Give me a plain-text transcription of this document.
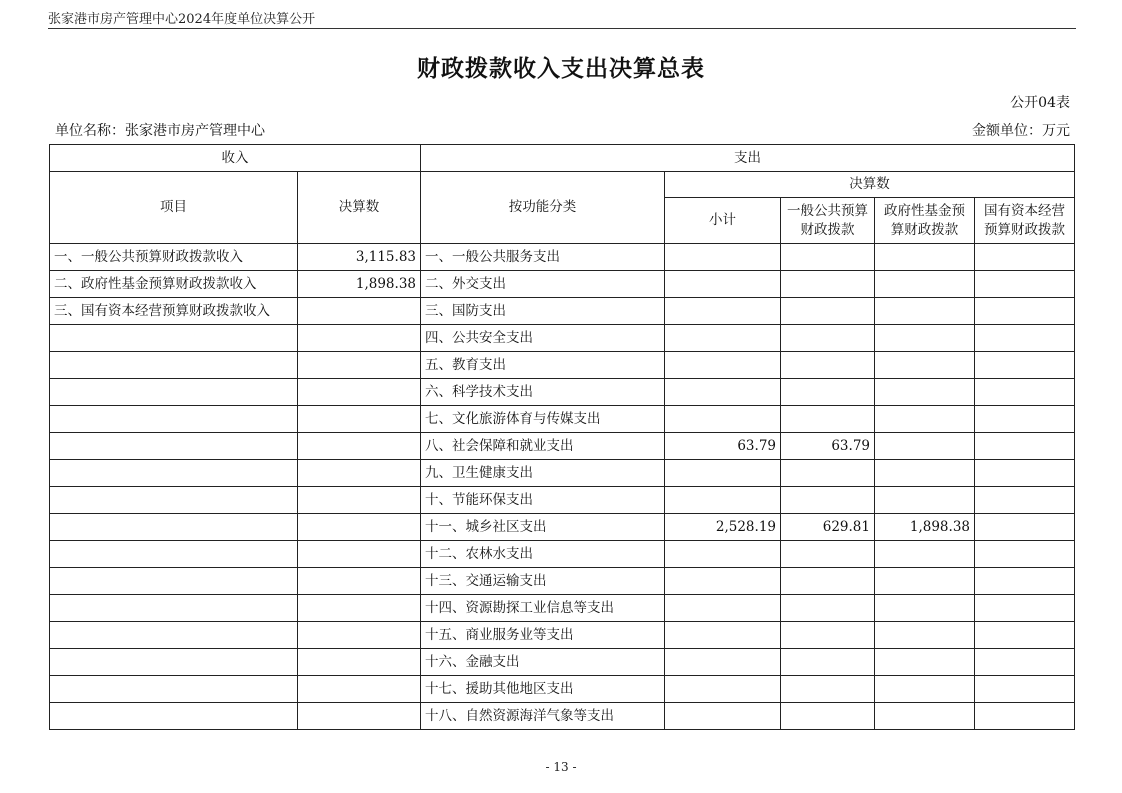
张家港市房产管理中心2024年度单位决算公开
财政拨款收入支出决算总表
公开04表
单位名称：张家港市房产管理中心	金额单位：万元
收入		支出				
项目	决算数	按功能分类	决算数			
			小计	一般公共预算财政拨款	政府性基金预算财政拨款	国有资本经营预算财政拨款
一、一般公共预算财政拨款收入	3,115.83	一、一般公共服务支出				
二、政府性基金预算财政拨款收入	1,898.38	二、外交支出				
三、国有资本经营预算财政拨款收入		三、国防支出				
		四、公共安全支出				
		五、教育支出				
		六、科学技术支出				
		七、文化旅游体育与传媒支出				
		八、社会保障和就业支出	63.79	63.79		
		九、卫生健康支出				
		十、节能环保支出				
		十一、城乡社区支出	2,528.19	629.81	1,898.38	
		十二、农林水支出				
		十三、交通运输支出				
		十四、资源勘探工业信息等支出				
		十五、商业服务业等支出				
		十六、金融支出				
		十七、援助其他地区支出				
		十八、自然资源海洋气象等支出				
- 13 -
